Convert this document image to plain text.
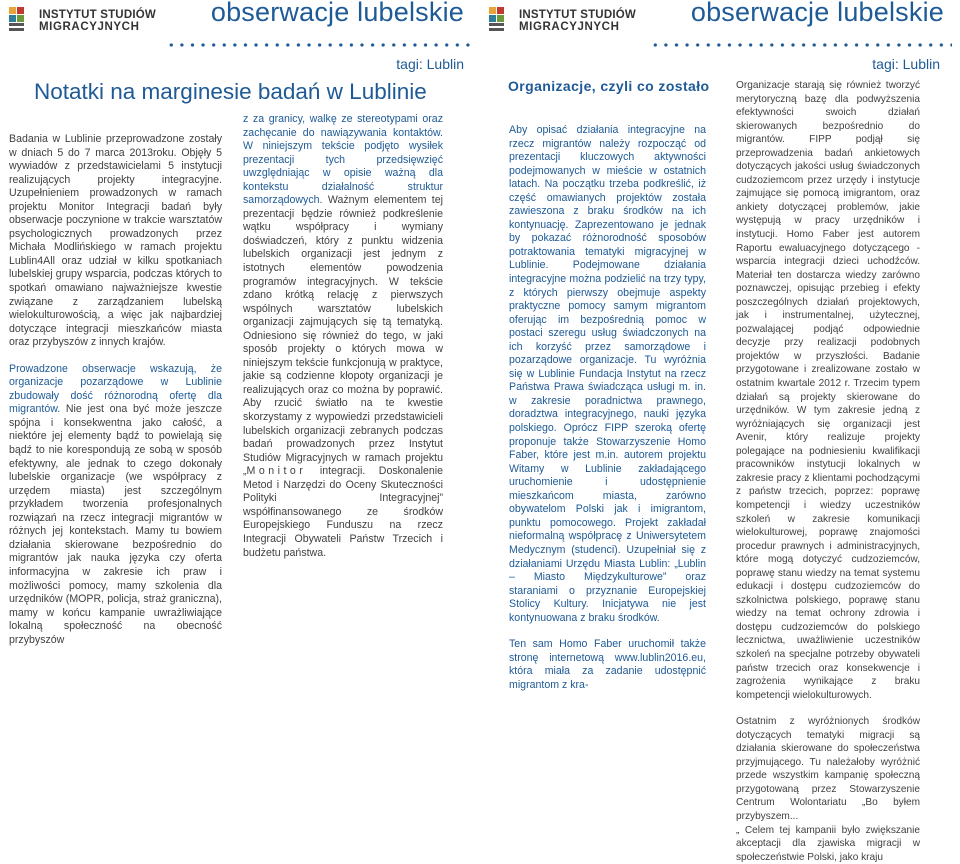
INSTYTUT STUDIÓW
MIGRACYJNYCH	obserwacje lubelskie
tagi: Lublin
Notatki na marginesie badań w Lublinie

Badania w Lublinie przeprowadzone zostały w dniach 5 do 7 marca 2013roku. Objęły 5 wywiadów z przedstawicielami 5 instytucji realizujących projekty integracyjne. Uzupełnieniem prowadzonych w ramach projektu Monitor Integracji badań były obserwacje poczynione w trakcie warsztatów psychologicznych prowadzonych przez Michała Modlińskiego w ramach projektu Lublin4All oraz udział w kilku spotkaniach lubelskiej grupy wsparcia, podczas których to spotkań omawiano najważniejsze kwestie związane z zarządzaniem lubelską wielokulturowością, a więc jak najbardziej dotyczące integracji mieszkańców miasta oraz przybyszów z innych krajów.

Prowadzone obserwacje wskazują, że organizacje pozarządowe w Lublinie zbudowały dość różnorodną ofertę dla migrantów. Nie jest ona być może jeszcze spójna i konsekwentna jako całość, a niektóre jej elementy bądź to powielają się bądź to nie korespondują ze sobą w sposób efektywny, ale jednak to czego dokonały lubelskie organizacje (we współpracy z urzędem miasta) jest szczególnym przykładem tworzenia profesjonalnych rozwiązań na rzecz integracji migrantów w różnych jej kontekstach. Mamy tu bowiem działania skierowane bezpośrednio do migrantów jak nauka języka czy oferta informacyjna w zakresie ich praw i możliwości pomocy, mamy szkolenia dla urzędników (MOPR, policja, straż graniczna), mamy w końcu kampanie uwrażliwiające lokalną społeczność na obecność przybyszów

z za granicy, walkę ze stereotypami oraz zachęcanie do nawiązywania kontaktów. W niniejszym tekście podjęto wysiłek prezentacji tych przedsięwzięć uwzględniając w opisie ważną dla kontekstu działalność struktur samorządowych. Ważnym elementem tej prezentacji będzie również podkreślenie wątku współpracy i wymiany doświadczeń, który z punktu widzenia lubelskich organizacji jest jednym z istotnych elementów powodzenia programów integracyjnych. W tekście zdano krótką relację z pierwszych wspólnych warsztatów lubelskich organizacji zajmujących się tą tematyką. Odniesiono się również do tego, w jaki sposób projekty o których mowa w niniejszym tekście funkcjonują w praktyce, jakie są codzienne kłopoty organizacji je realizujących oraz co można by poprawić. Aby rzucić światło na te kwestie skorzystamy z wypowiedzi przedstawicieli lubelskich organizacji zebranych podczas badań prowadzonych przez Instytut Studiów Migracyjnych w ramach projektu „Monitor integracji. Doskonalenie Metod i Narzędzi do Oceny Skuteczności Polityki Integracyjnej” współfinansowanego ze środków Europejskiego Funduszu na rzecz Integracji Obywateli Państw Trzecich i budżetu państwa.

INSTYTUT STUDIÓW
MIGRACYJNYCH	obserwacje lubelskie
tagi: Lublin
Organizacje, czyli co zostało

Aby opisać działania integracyjne na rzecz migrantów należy rozpocząć od prezentacji kluczowych aktywności podejmowanych w mieście w ostatnich latach. Na początku trzeba podkreślić, iż część omawianych projektów została zawieszona z braku środków na ich kontynuację. Zaprezentowano je jednak by pokazać różnorodność sposobów potraktowania tematyki migracyjnej w Lublinie. Podejmowane działania integracyjne można podzielić na trzy typy, z których pierwszy obejmuje aspekty praktyczne pomocy samym migrantom oferując im bezpośrednią pomoc w postaci szeregu usług świadczonych na ich korzyść przez samorządowe i pozarządowe organizacje. Tu wyróżnia się w Lublinie Fundacja Instytut na rzecz Państwa Prawa świadcząca usługi m. in. w zakresie poradnictwa prawnego, doradztwa integracyjnego, nauki języka polskiego. Oprócz FIPP szeroką ofertę proponuje także Stowarzyszenie Homo Faber, które jest m.in. autorem projektu Witamy w Lublinie zakładającego uruchomienie i udostępnienie mieszkańcom miasta, zarówno obywatelom Polski jak i imigrantom, punktu pomocowego. Projekt zakładał nieformalną współpracę z Uniwersytetem Medycznym (studenci). Uzupełniał się z działaniami Urzędu Miasta Lublin: „Lublin – Miasto Międzykulturowe” oraz staraniami o przyznanie Europejskiej Stolicy Kultury. Inicjatywa nie jest kontynuowana z braku środków.

Ten sam Homo Faber uruchomił także stronę internetową www.lublin2016.eu, która miała za zadanie udostępnić migrantom z kra-

Organizacje starają się również tworzyć merytoryczną bazę dla podwyższenia efektywności swoich działań skierowanych bezpośrednio do migrantów. FIPP podjął się przeprowadzenia badań ankietowych dotyczących jakości usług świadczonych cudzoziemcom przez urzędy i instytucje zajmujące się pomocą imigrantom, oraz ankiety dotyczącej problemów, jakie występują w pracy urzędników i instytucji. Homo Faber jest autorem Raportu ewaluacyjnego dotyczącego - wsparcia integracji dzieci uchodźców. Materiał ten dostarcza wiedzy zarówno poznawczej, opisując przebieg i efekty poszczególnych działań projektowych, jak i instrumentalnej, użytecznej, pozwalającej podjąć odpowiednie decyzje przy realizacji podobnych projektów w przyszłości. Badanie przygotowane i zrealizowane zostało w ostatnim kwartale 2012 r. Trzecim typem działań są projekty skierowane do urzędników. W tym zakresie jedną z wyróżniających się organizacji jest Avenir, który realizuje projekty polegające na podniesieniu kwalifikacji pracowników instytucji lokalnych w zakresie pracy z klientami pochodzącymi z państw trzecich, poprzez: poprawę kompetencji i wiedzy uczestników szkoleń w zakresie komunikacji wielokulturowej, poprawę znajomości procedur prawnych i administracyjnych, które mogą dotyczyć cudzoziemców, poprawę stanu wiedzy na temat systemu edukacji i dostępu cudzoziemców do szkolnictwa polskiego, poprawę stanu wiedzy na temat ochrony zdrowia i dostępu cudzoziemców do polskiego lecznictwa, uważliwienie uczestników szkoleń na specjalne potrzeby obywateli państw trzecich oraz konsekwencje i zagrożenia wynikające z braku kompetencji wielokulturowych.

Ostatnim z wyróżnionych środków dotyczących tematyki migracji są działania skierowane do społeczeństwa przyjmującego. Tu należałoby wyróżnić przede wszystkim kampanię społeczną przygotowaną przez Stowarzyszenie Centrum Wolontariatu „Bo byłem przybyszem...

„ Celem tej kampanii było zwiększanie akceptacji dla zjawiska migracji w społeczeństwie Polski, jako kraju
